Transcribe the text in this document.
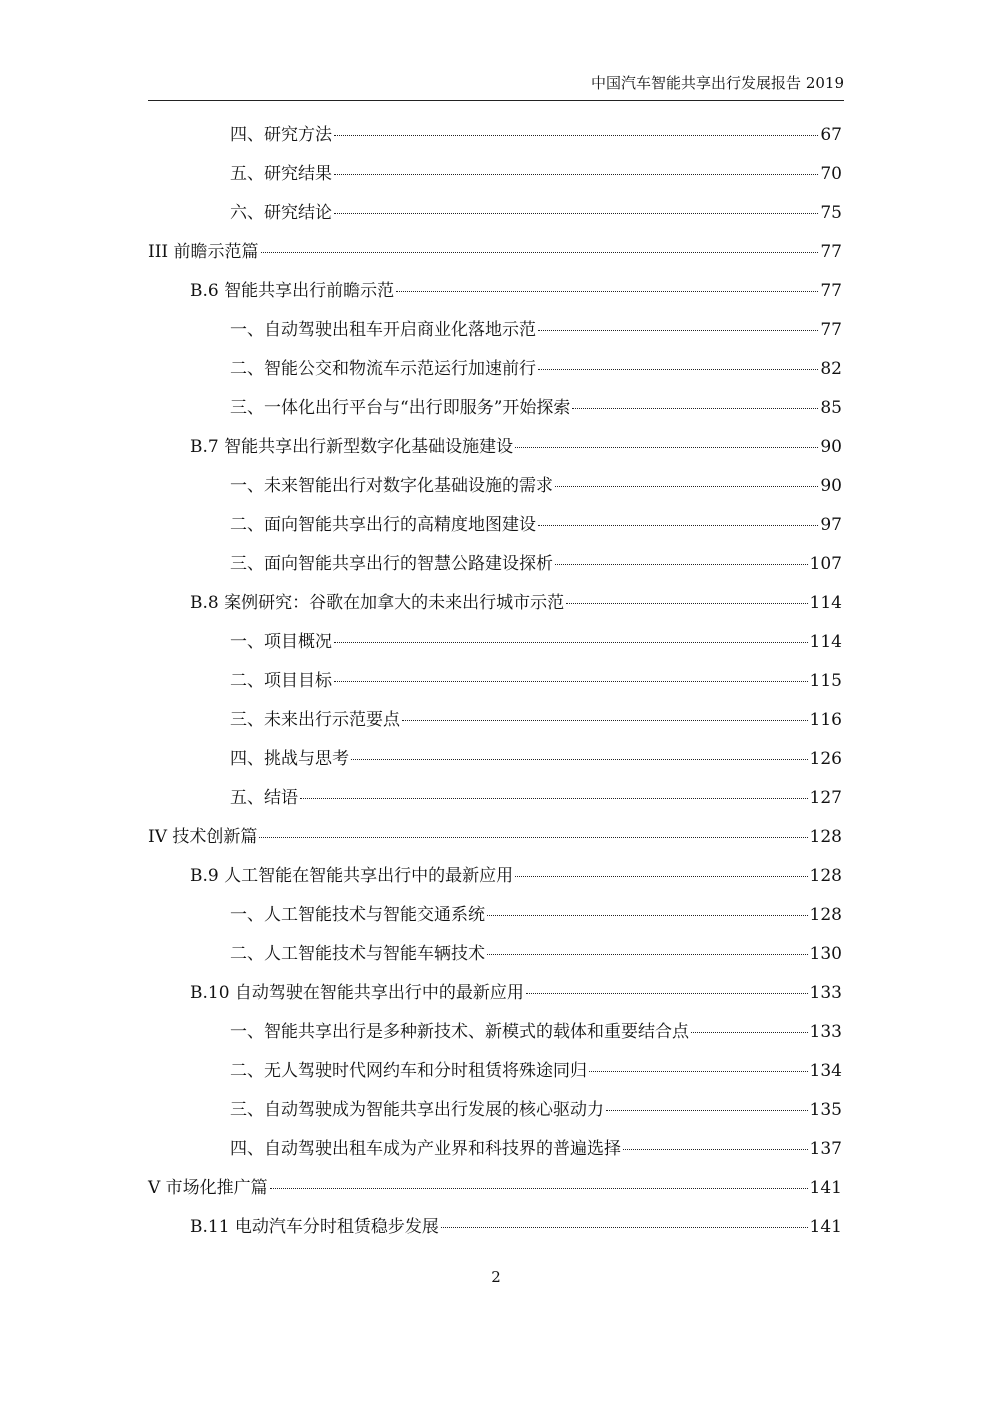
中国汽车智能共享出行发展报告 2019
四、研究方法	67
五、研究结果	70
六、研究结论	75
III 前瞻示范篇	77
B.6 智能共享出行前瞻示范	77
一、自动驾驶出租车开启商业化落地示范	77
二、智能公交和物流车示范运行加速前行	82
三、一体化出行平台与“出行即服务”开始探索	85
B.7 智能共享出行新型数字化基础设施建设	90
一、未来智能出行对数字化基础设施的需求	90
二、面向智能共享出行的高精度地图建设	97
三、面向智能共享出行的智慧公路建设探析	107
B.8 案例研究：谷歌在加拿大的未来出行城市示范	114
一、项目概况	114
二、项目目标	115
三、未来出行示范要点	116
四、挑战与思考	126
五、结语	127
IV 技术创新篇	128
B.9 人工智能在智能共享出行中的最新应用	128
一、人工智能技术与智能交通系统	128
二、人工智能技术与智能车辆技术	130
B.10 自动驾驶在智能共享出行中的最新应用	133
一、智能共享出行是多种新技术、新模式的载体和重要结合点	133
二、无人驾驶时代网约车和分时租赁将殊途同归	134
三、自动驾驶成为智能共享出行发展的核心驱动力	135
四、自动驾驶出租车成为产业界和科技界的普遍选择	137
V 市场化推广篇	141
B.11 电动汽车分时租赁稳步发展	141
2
